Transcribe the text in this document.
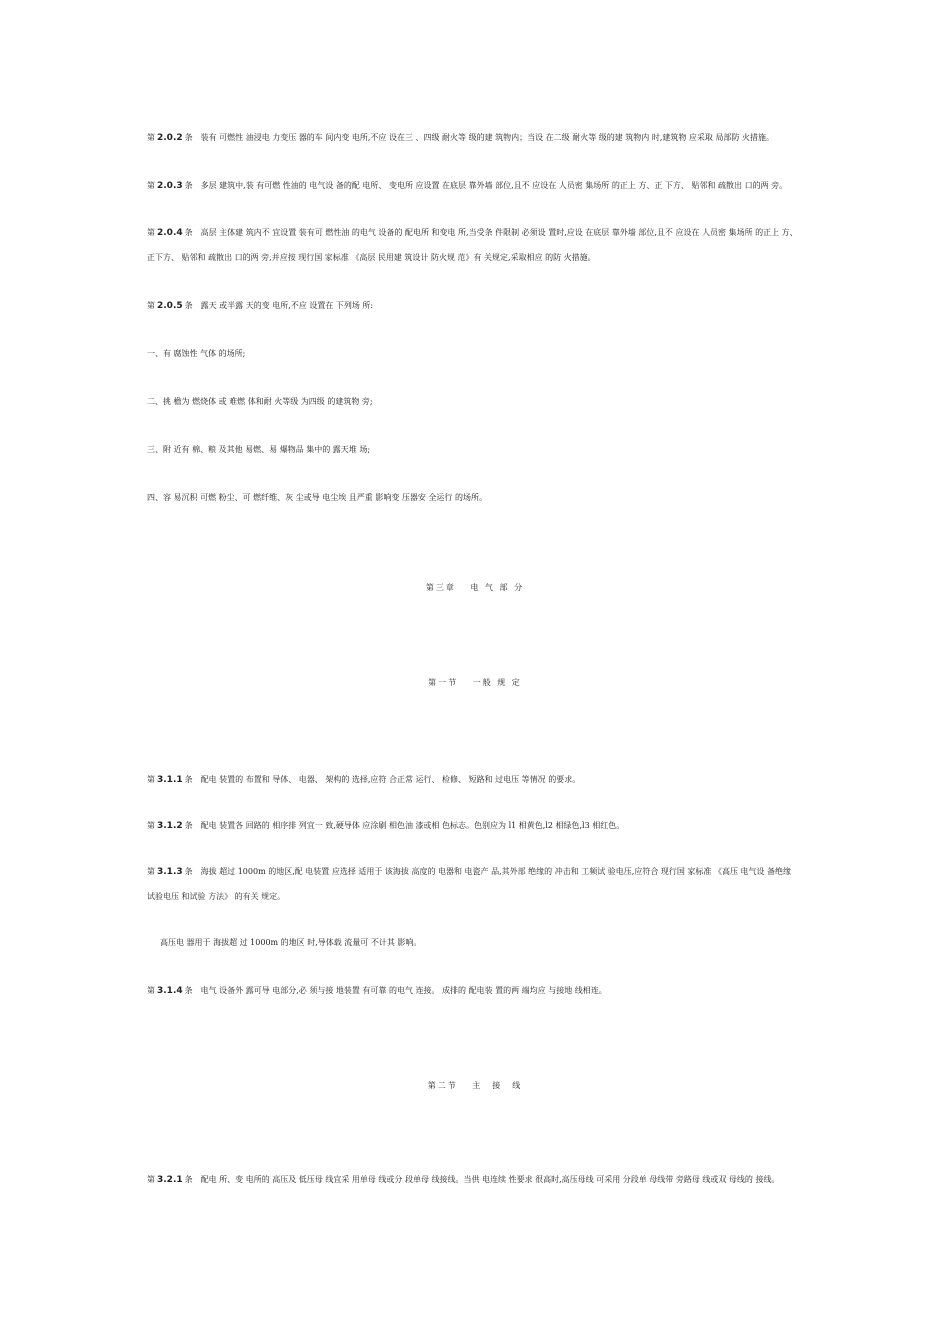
第 2.0.2 条　 装有 可燃性 油浸电 力变压 器的车 间内变 电所,不应 设在三 、四级 耐火等 级的建 筑物内；当设 在二级 耐火等 级的建 筑物内 时,建筑物 应采取 局部防 火措施。
第 2.0.3 条　 多层 建筑中,装 有可燃 性油的 电气设 备的配 电所、 变电所 应设置 在底层 靠外墙 部位,且不 应设在 人员密 集场所 的正上 方、正 下方、 贴邻和 疏散出 口的两 旁。
第 2.0.4 条　 高层 主体建 筑内不 宜设置 装有可 燃性油 的电气 设备的 配电所 和变电 所,当受条 件限制 必须设 置时,应设 在底层 靠外墙 部位,且不 应设在 人员密 集场所 的正上 方、
正下方、 贴邻和 疏散出 口的两 旁,并应按 现行国 家标准 《高层 民用建 筑设计 防火规 范》有 关规定,采取相应 的防 火措施。
第 2.0.5 条　 露天 或半露 天的变 电所,不应 设置在 下列场 所:
一、有 腐蚀性 气体 的场所;
二、挑 檐为 燃烧体 或 难燃 体和耐 火等级 为四级 的建筑物 旁;
三、附 近有 棉、粮 及其他 易燃、易 爆物品 集中的 露天堆 场;
四、容 易沉积 可燃 粉尘、可 燃纤维、灰 尘或导 电尘埃 且严重 影响变 压器安 全运行 的场所。
第三章　 电 气 部 分
第一节　 一般 规 定
第 3.1.1 条　 配电 装置的 布置和 导体、 电器、 架构的 选择,应符 合正常 运行、 检修、 短路和 过电压 等情况 的要求。
第 3.1.2 条　 配电 装置各 回路的 相序排 列宜一 致,硬导体 应涂刷 相色油 漆或相 色标志。色别应为 l1 相黄色,l2 相绿色,l3 相红色。
第 3.1.3 条　 海拔 超过 1000m 的地区,配 电装置 应选择 适用于 该海拔 高度的 电器和 电瓷产 品,其外部 绝缘的 冲击和 工频试 验电压,应符合 现行国 家标准 《高压 电气设 备绝缘
试验电压 和试验 方法》 的有关 规定。
高压电 器用于 海拔超 过 1000m 的地区 时,导体载 流量可 不计其 影响。
第 3.1.4 条　 电气 设备外 露可导 电部分,必 须与接 地装置 有可靠 的电气 连接。 成排的 配电装 置的两 端均应 与接地 线相连。
第二节　 主　接　线
第 3.2.1 条　 配电 所、变 电所的 高压及 低压母 线宜采 用单母 线或分 段单母 线接线。当供 电连续 性要求 很高时,高压母线 可采用 分段单 母线带 旁路母 线或双 母线的 接线。
